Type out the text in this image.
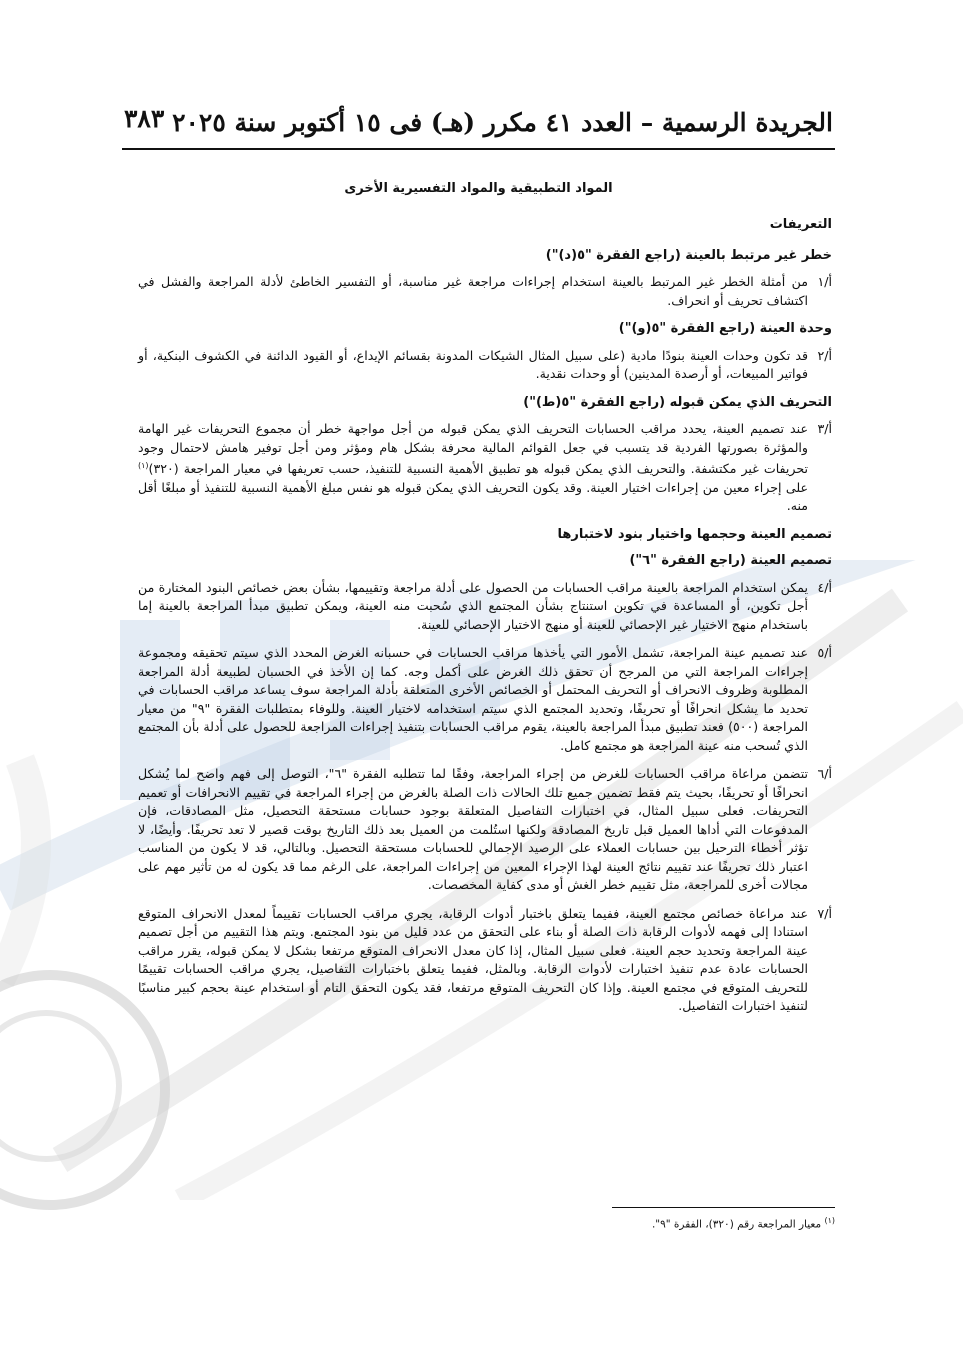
الجريدة الرسمية – العدد ٤١ مكرر (هـ) فى ١٥ أكتوبر سنة ٢٠٢٥
٣٨٣
المواد التطبيقية والمواد التفسيرية الأخرى
التعريفات
خطر غير مرتبط بالعينة (راجع الفقرة "٥(د)")
أ/١
من أمثلة الخطر غير المرتبط بالعينة استخدام إجراءات مراجعة غير مناسبة، أو التفسير الخاطئ لأدلة المراجعة والفشل في اكتشاف تحريف أو انحراف.
وحدة العينة (راجع الفقرة "٥(و)")
أ/٢
قد تكون وحدات العينة بنودًا مادية (على سبيل المثال الشيكات المدونة بقسائم الإيداع، أو القيود الدائنة في الكشوف البنكية، أو فواتير المبيعات، أو أرصدة المدينين) أو وحدات نقدية.
التحريف الذي يمكن قبوله (راجع الفقرة "٥(ط)")
أ/٣
عند تصميم العينة، يحدد مراقب الحسابات التحريف الذي يمكن قبوله من أجل مواجهة خطر أن مجموع التحريفات غير الهامة والمؤثرة بصورتها الفردية قد يتسبب في جعل القوائم المالية محرفة بشكل هام ومؤثر ومن أجل توفير هامش لاحتمال وجود تحريفات غير مكتشفة. والتحريف الذي يمكن قبوله هو تطبيق الأهمية النسبية للتنفيذ، حسب تعريفها في معيار المراجعة (٣٢٠)$^{(١)}$ على إجراء معين من إجراءات اختيار العينة. وقد يكون التحريف الذي يمكن قبوله هو نفس مبلغ الأهمية النسبية للتنفيذ أو مبلغًا أقل منه.
تصميم العينة وحجمها واختيار بنود لاختبارها
تصميم العينة (راجع الفقرة "٦")
أ/٤
يمكن استخدام المراجعة بالعينة مراقب الحسابات من الحصول على أدلة مراجعة وتقييمها، بشأن بعض خصائص البنود المختارة من أجل تكوين، أو المساعدة في تكوين استنتاج بشأن المجتمع الذي سُحبت منه العينة، ويمكن تطبيق مبدأ المراجعة بالعينة إما باستخدام منهج الاختيار غير الإحصائي للعينة أو منهج الاختيار الإحصائي للعينة.
أ/٥
عند تصميم عينة المراجعة، تشمل الأمور التي يأخذها مراقب الحسابات في حسبانه الغرض المحدد الذي سيتم تحقيقه ومجموعة إجراءات المراجعة التي من المرجح أن تحقق ذلك الغرض على أكمل وجه. كما إن الأخذ في الحسبان لطبيعة أدلة المراجعة المطلوبة وظروف الانحراف أو التحريف المحتمل أو الخصائص الأخرى المتعلقة بأدلة المراجعة سوف يساعد مراقب الحسابات في تحديد ما يشكل انحرافًا أو تحريفًا، وتحديد المجتمع الذي سيتم استخدامه لاختيار العينة. وللوفاء بمتطلبات الفقرة "٩" من معيار المراجعة (٥٠٠) فعند تطبيق مبدأ المراجعة بالعينة، يقوم مراقب الحسابات بتنفيذ إجراءات المراجعة للحصول على أدلة بأن المجتمع الذي تُسحب منه عينة المراجعة هو مجتمع كامل.
أ/٦
تتضمن مراعاة مراقب الحسابات للغرض من إجراء المراجعة، وفقًا لما تتطلبه الفقرة "٦"، التوصل إلى فهم واضح لما يُشكل انحرافًا أو تحريفًا، بحيث يتم فقط تضمين جميع تلك الحالات ذات الصلة بالغرض من إجراء المراجعة في تقييم الانحرافات أو تعميم التحريفات. فعلى سبيل المثال، في اختبارات التفاصيل المتعلقة بوجود حسابات مستحقة التحصيل، مثل المصادقات، فإن المدفوعات التي أداها العميل قبل تاريخ المصادقة ولكنها استُلمت من العميل بعد ذلك التاريخ بوقت قصير لا تعد تحريفًا. وأيضًا، لا تؤثر أخطاء الترحيل بين حسابات العملاء على الرصيد الإجمالي للحسابات مستحقة التحصيل. وبالتالي، قد لا يكون من المناسب اعتبار ذلك تحريفًا عند تقييم نتائج العينة لهذا الإجراء المعين من إجراءات المراجعة، على الرغم مما قد يكون له من تأثير مهم على مجالات أخرى للمراجعة، مثل تقييم خطر الغش أو مدى كفاية المخصصات.
أ/٧
عند مراعاة خصائص مجتمع العينة، ففيما يتعلق باختبار أدوات الرقابة، يجري مراقب الحسابات تقييماً لمعدل الانحراف المتوقع استنادا إلى فهمه لأدوات الرقابة ذات الصلة أو بناء على التحقق من عدد قليل من بنود المجتمع. ويتم هذا التقييم من أجل تصميم عينة المراجعة وتحديد حجم العينة. فعلى سبيل المثال، إذا كان معدل الانحراف المتوقع مرتفعا بشكل لا يمكن قبوله، يقرر مراقب الحسابات عادة عدم تنفيذ اختبارات لأدوات الرقابة. وبالمثل، ففيما يتعلق باختبارات التفاصيل، يجري مراقب الحسابات تقييمًا للتحريف المتوقع في مجتمع العينة. وإذا كان التحريف المتوقع مرتفعا، فقد يكون التحقق التام أو استخدام عينة بحجم كبير مناسبًا لتنفيذ اختبارات التفاصيل.
$^{(١)}$ معيار المراجعة رقم (٣٢٠)، الفقرة "٩".
